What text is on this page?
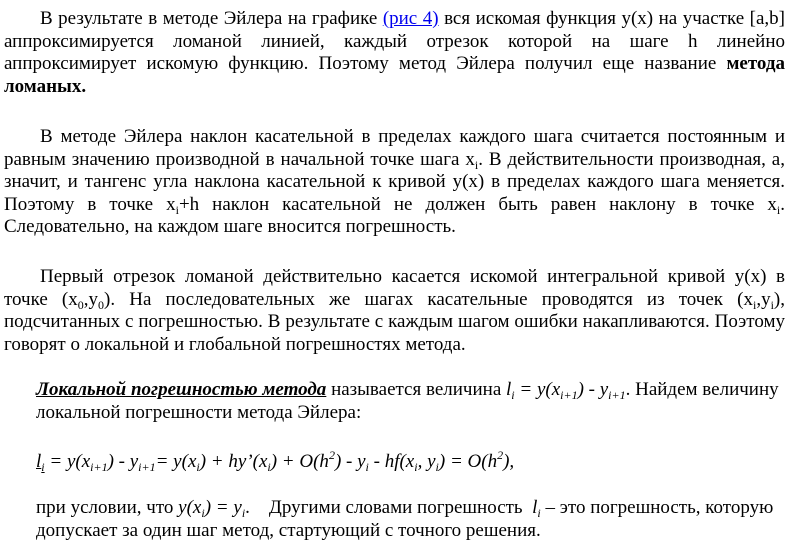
В результате в методе Эйлера на графике (рис 4) вся искомая функция y(x) на участке [a,b] аппроксимируется ломаной линией, каждый отрезок которой на шаге h линейно аппроксимирует искомую функцию. Поэтому метод Эйлера получил еще название метода ломаных.

В методе Эйлера наклон касательной в пределах каждого шага считается постоянным и равным значению производной в начальной точке шага $x_i$. В действительности производная, а, значит, и тангенс угла наклона касательной к кривой y(x) в пределах каждого шага меняется. Поэтому в точке $x_i+h$ наклон касательной не должен быть равен наклону в точке $x_i$. Следовательно, на каждом шаге вносится погрешность.

Первый отрезок ломаной действительно касается искомой интегральной кривой y(x) в точке $(x_0,y_0)$. На последовательных же шагах касательные проводятся из точек $(x_i,y_i)$, подсчитанных с погрешностью. В результате с каждым шагом ошибки накапливаются. Поэтому говорят о локальной и глобальной погрешностях метода.

Локальной погрешностью метода называется величина $l_i = y(x_{i+1}) - y_{i+1}$. Найдем величину локальной погрешности метода Эйлера:

$l_i = y(x_{i+1}) - y_{i+1}= y(x_i)$ + $hy’(x_i) + O(h^2) - y_i - hf(x_i$, $y_i) = O(h^2)$,

при условии, что $y(x_i) = y_i$.    Другими словами погрешность  $l_i$ – это погрешность, которую допускает за один шаг метод, стартующий с точного решения.
